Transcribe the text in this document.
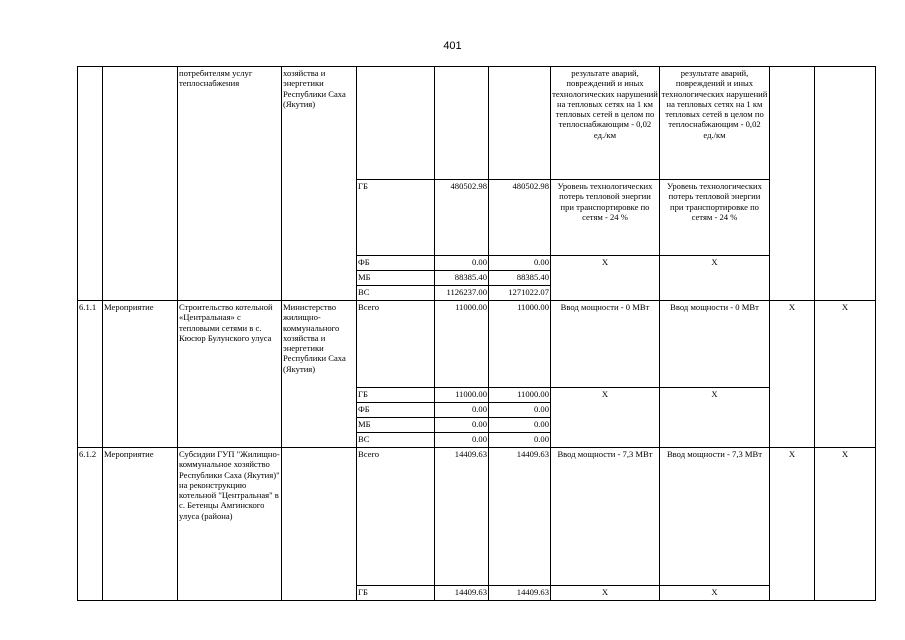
401
		потребителям услуг теплоснабжения	хозяйства и энергетики Республики Саха (Якутия)				результате аварий, повреждений и иных технологических нарушений на тепловых сетях на 1 км тепловых сетей в целом по теплоснабжающим - 0,02 ед./км	результате аварий, повреждений и иных технологических нарушений на тепловых сетях на 1 км тепловых сетей в целом по теплоснабжающим - 0,02 ед./км		
				ГБ	480502.98	480502.98	Уровень технологических потерь тепловой энергии при транспортировке по сетям - 24 %	Уровень технологических потерь тепловой энергии при транспортировке по сетям - 24 %		
				ФБ	0.00	0.00	X	X		
				МБ	88385.40	88385.40				
				ВС	1126237.00	1271022.07				
6.1.1	Мероприятие	Строительство котельной «Центральная» с тепловыми сетями в с. Кюсюр Булунского улуса	Министерство жилищно-коммунального хозяйства и энергетики Республики Саха (Якутия)	Всего	11000.00	11000.00	Ввод мощности - 0 МВт	Ввод мощности - 0 МВт	X	X
				ГБ	11000.00	11000.00	X	X		
				ФБ	0.00	0.00				
				МБ	0.00	0.00				
				ВС	0.00	0.00				
6.1.2	Мероприятие	Субсидии ГУП "Жилищно-коммунальное хозяйство Республики Саха (Якутия)" на реконструкцию котельной "Центральная" в с. Бетенцы Амгинского улуса (района)		Всего	14409.63	14409.63	Ввод мощности - 7,3 МВт	Ввод мощности - 7,3 МВт	X	X
				ГБ	14409.63	14409.63	X	X		
